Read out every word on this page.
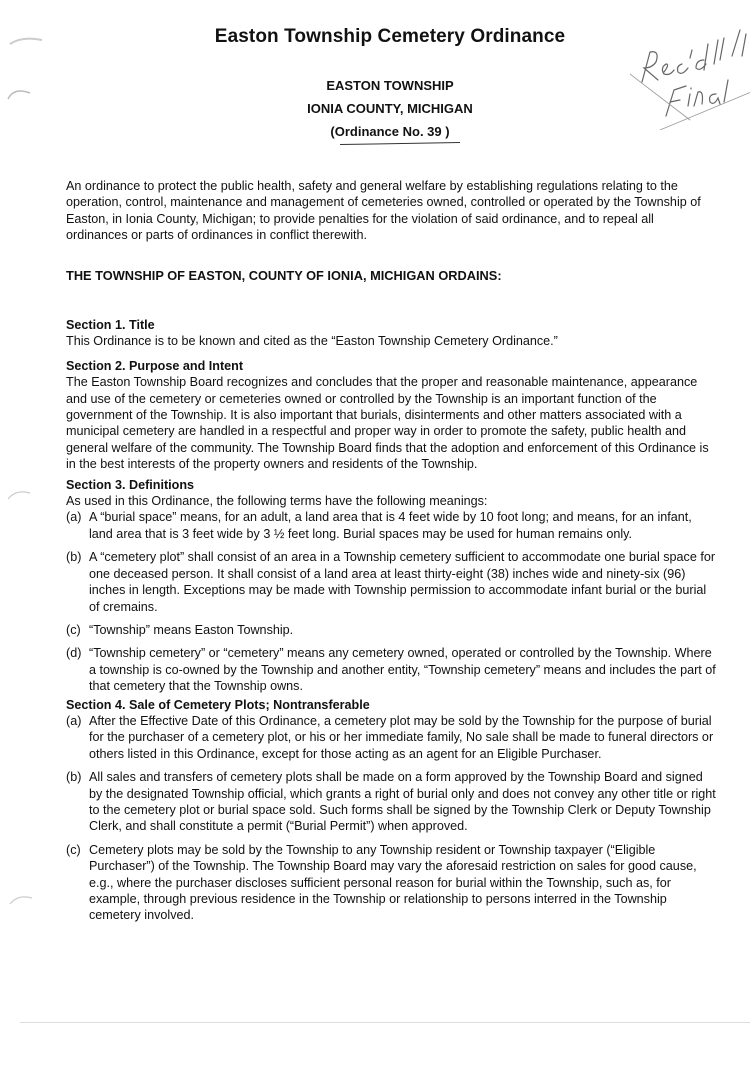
Easton Township Cemetery Ordinance
EASTON TOWNSHIP
IONIA COUNTY, MICHIGAN
(Ordinance No. 39 )
An ordinance to protect the public health, safety and general welfare by establishing regulations relating to the operation, control, maintenance and management of cemeteries owned, controlled or operated by the Township of Easton, in Ionia County, Michigan; to provide penalties for the violation of said ordinance, and to repeal all ordinances or parts of ordinances in conflict therewith.
THE TOWNSHIP OF EASTON, COUNTY OF IONIA, MICHIGAN ORDAINS:

Section 1. Title

This Ordinance is to be known and cited as the “Easton Township Cemetery Ordinance.”

Section 2. Purpose and Intent

The Easton Township Board recognizes and concludes that the proper and reasonable maintenance, appearance and use of the cemetery or cemeteries owned or controlled by the Township is an important function of the government of the Township. It is also important that burials, disinterments and other matters associated with a municipal cemetery are handled in a respectful and proper way in order to promote the safety, public health and general welfare of the community. The Township Board finds that the adoption and enforcement of this Ordinance is in the best interests of the property owners and residents of the Township.

Section 3. Definitions

As used in this Ordinance, the following terms have the following meanings:

(a) A “burial space” means, for an adult, a land area that is 4 feet wide by 10 foot long; and means, for an infant, land area that is 3 feet wide by 3 ½ feet long. Burial spaces may be used for human remains only.
(b) A “cemetery plot” shall consist of an area in a Township cemetery sufficient to accommodate one burial space for one deceased person. It shall consist of a land area at least thirty-eight (38) inches wide and ninety-six (96) inches in length. Exceptions may be made with Township permission to accommodate infant burial or the burial of cremains.
(c) “Township” means Easton Township.
(d) “Township cemetery” or “cemetery” means any cemetery owned, operated or controlled by the Township. Where a township is co-owned by the Township and another entity, “Township cemetery” means and includes the part of that cemetery that the Township owns.

Section 4. Sale of Cemetery Plots; Nontransferable

(a) After the Effective Date of this Ordinance, a cemetery plot may be sold by the Township for the purpose of burial for the purchaser of a cemetery plot, or his or her immediate family, No sale shall be made to funeral directors or others listed in this Ordinance, except for those acting as an agent for an Eligible Purchaser.
(b) All sales and transfers of cemetery plots shall be made on a form approved by the Township Board and signed by the designated Township official, which grants a right of burial only and does not convey any other title or right to the cemetery plot or burial space sold. Such forms shall be signed by the Township Clerk or Deputy Township Clerk, and shall constitute a permit (“Burial Permit”) when approved.
(c) Cemetery plots may be sold by the Township to any Township resident or Township taxpayer (“Eligible Purchaser”) of the Township. The Township Board may vary the aforesaid restriction on sales for good cause, e.g., where the purchaser discloses sufficient personal reason for burial within the Township, such as, for example, through previous residence in the Township or relationship to persons interred in the Township cemetery involved.
